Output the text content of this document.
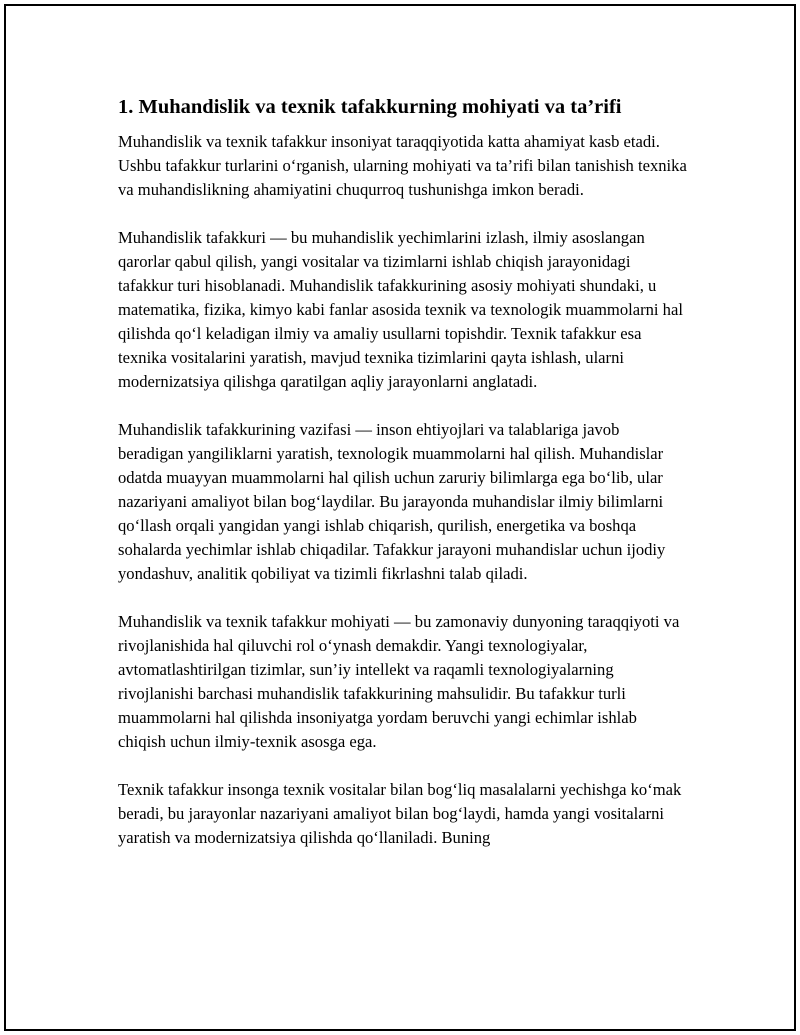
1. Muhandislik va texnik tafakkurning mohiyati va ta’rifi

Muhandislik va texnik tafakkur insoniyat taraqqiyotida katta ahamiyat kasb etadi. Ushbu tafakkur turlarini o‘rganish, ularning mohiyati va ta’rifi bilan tanishish texnika va muhandislikning ahamiyatini chuqurroq tushunishga imkon beradi.

Muhandislik tafakkuri — bu muhandislik yechimlarini izlash, ilmiy asoslangan qarorlar qabul qilish, yangi vositalar va tizimlarni ishlab chiqish jarayonidagi tafakkur turi hisoblanadi. Muhandislik tafakkurining asosiy mohiyati shundaki, u matematika, fizika, kimyo kabi fanlar asosida texnik va texnologik muammolarni hal qilishda qo‘l keladigan ilmiy va amaliy usullarni topishdir. Texnik tafakkur esa texnika vositalarini yaratish, mavjud texnika tizimlarini qayta ishlash, ularni modernizatsiya qilishga qaratilgan aqliy jarayonlarni anglatadi.

Muhandislik tafakkurining vazifasi — inson ehtiyojlari va talablariga javob beradigan yangiliklarni yaratish, texnologik muammolarni hal qilish. Muhandislar odatda muayyan muammolarni hal qilish uchun zaruriy bilimlarga ega bo‘lib, ular nazariyani amaliyot bilan bog‘laydilar. Bu jarayonda muhandislar ilmiy bilimlarni qo‘llash orqali yangidan yangi ishlab chiqarish, qurilish, energetika va boshqa sohalarda yechimlar ishlab chiqadilar. Tafakkur jarayoni muhandislar uchun ijodiy yondashuv, analitik qobiliyat va tizimli fikrlashni talab qiladi.

Muhandislik va texnik tafakkur mohiyati — bu zamonaviy dunyoning taraqqiyoti va rivojlanishida hal qiluvchi rol o‘ynash demakdir. Yangi texnologiyalar, avtomatlashtirilgan tizimlar, sun’iy intellekt va raqamli texnologiyalarning rivojlanishi barchasi muhandislik tafakkurining mahsulidir. Bu tafakkur turli muammolarni hal qilishda insoniyatga yordam beruvchi yangi echimlar ishlab chiqish uchun ilmiy-texnik asosga ega.

Texnik tafakkur insonga texnik vositalar bilan bog‘liq masalalarni yechishga ko‘mak beradi, bu jarayonlar nazariyani amaliyot bilan bog‘laydi, hamda yangi vositalarni yaratish va modernizatsiya qilishda qo‘llaniladi. Buning
